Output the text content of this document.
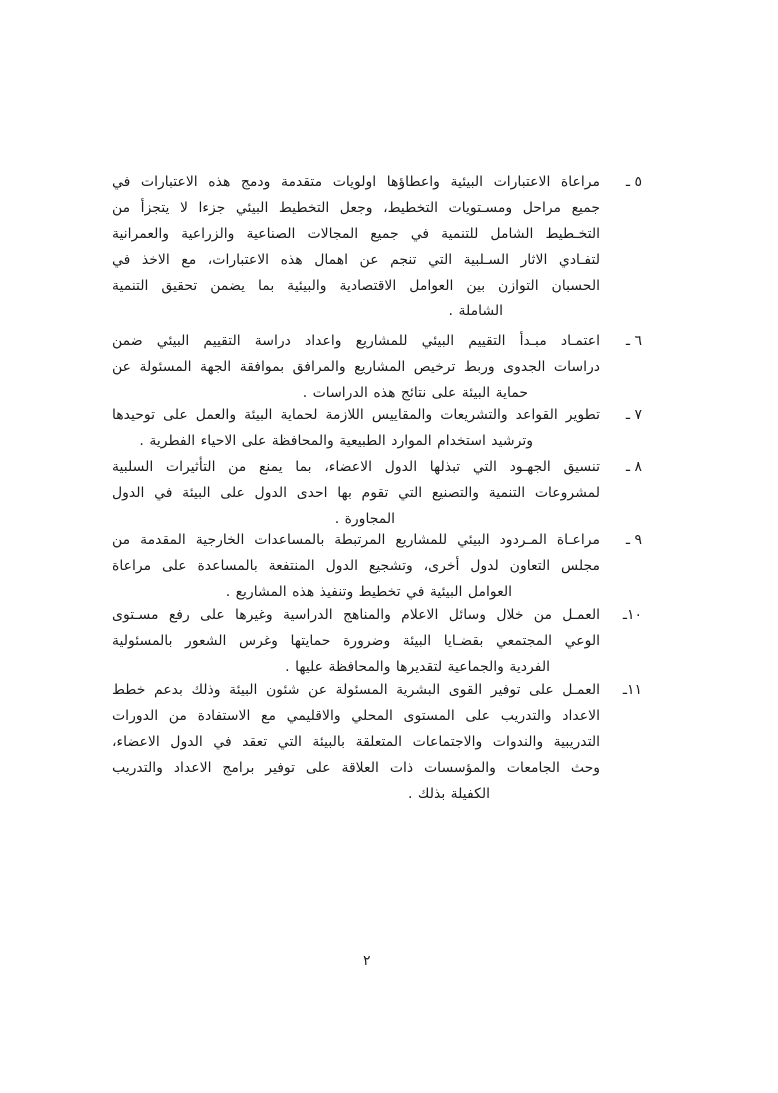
٥ ـ
مراعاة الاعتبارات البيئية واعطاؤها اولويات متقدمة ودمج هذه الاعتبارات في
جميع مراحل ومسـتويات التخطيط، وجعل التخطيط البيئي جزءا لا يتجزأ من
التخـطيط الشامل للتنمية في جميع المجالات الصناعية والزراعية والعمرانية
لتفـادي الاثار السـلبية التي تنجم عن اهمال هذه الاعتبارات، مع الاخذ في
الحسبان التوازن بين العوامل الاقتصادية والبيئية بما يضمن تحقيق التنمية
الشاملة .
٦ ـ
اعتمـاد مبـدأ التقييم البيئي للمشاريع واعداد دراسة التقييم البيئي ضمن
دراسات الجدوى وربط ترخيص المشاريع والمرافق بموافقة الجهة المسئولة عن
حماية البيئة على نتائج هذه الدراسات .
٧ ـ
تطوير القواعد والتشريعات والمقاييس اللازمة لحماية البيئة والعمل على توحيدها
وترشيد استخدام الموارد الطبيعية والمحافظة على الاحياء الفطرية .
٨ ـ
تنسيق الجهـود التي تبذلها الدول الاعضاء، بما يمنع من التأثيرات السلبية
لمشروعات التنمية والتصنيع التي تقوم بها احدى الدول على البيئة في الدول
المجاورة .
٩ ـ
مراعـاة المـردود البيئي للمشاريع المرتبطة بالمساعدات الخارجية المقدمة من
مجلس التعاون لدول أخرى، وتشجيع الدول المنتفعة بالمساعدة على مراعاة
العوامل البيئية في تخطيط وتنفيذ هذه المشاريع .
١٠ـ
العمـل من خلال وسائل الاعلام والمناهج الدراسية وغيرها على رفع مسـتوى
الوعي المجتمعي بقضـايا البيئة وضرورة حمايتها وغرس الشعور بالمسئولية
الفردية والجماعية لتقديرها والمحافظة عليها .
١١ـ
العمـل على توفير القوى البشرية المسئولة عن شئون البيئة وذلك بدعم خطط
الاعداد والتدريب على المستوى المحلي والاقليمي مع الاستفادة من الدورات
التدريبية والندوات والاجتماعات المتعلقة بالبيئة التي تعقد في الدول الاعضاء،
وحث الجامعات والمؤسسات ذات العلاقة على توفير برامج الاعداد والتدريب
الكفيلة بذلك .
٢
